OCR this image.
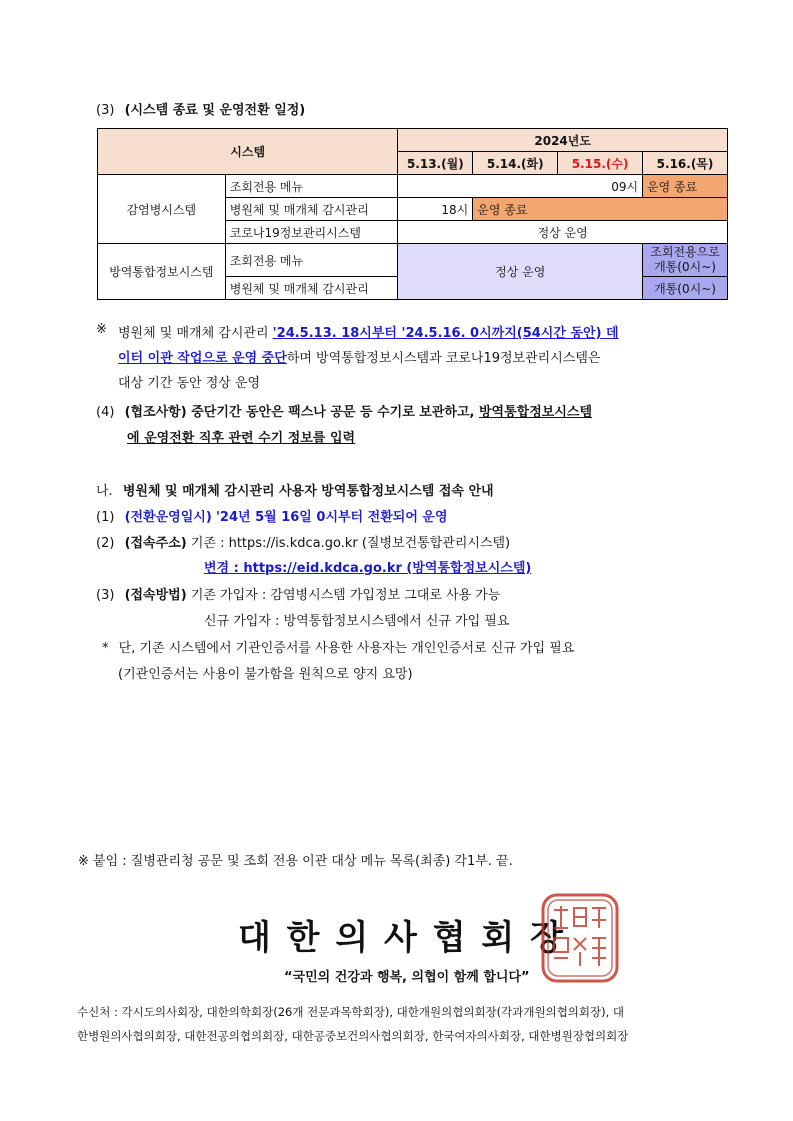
(3) (시스템 종료 및 운영전환 일정)
시스템		2024년도			
		5.13.(월)	5.14.(화)	5.15.(수)	5.16.(목)
감염병시스템	조회전용 메뉴	09시			운영 종료
	병원체 및 매개체 감시관리	18시	운영 종료		
	코로나19정보관리시스템	정상 운영			
방역통합정보시스템	조회전용 메뉴	정상 운영			조회전용으로 개통(0시~)
	병원체 및 매개체 감시관리				개통(0시~)
※ 병원체 및 매개체 감시관리 '24.5.13. 18시부터 '24.5.16. 0시까지(54시간 동안) 데
이터 이관 작업으로 운영 중단하며 방역통합정보시스템과 코로나19정보관리시스템은
대상 기간 동안 정상 운영
(4) (협조사항) 중단기간 동안은 팩스나 공문 등 수기로 보관하고, 방역통합정보시스템
에 운영전환 직후 관련 수기 정보를 입력
나. 병원체 및 매개체 감시관리 사용자 방역통합정보시스템 접속 안내
(1) (전환운영일시) '24년 5월 16일 0시부터 전환되어 운영
(2) (접속주소) 기존 : https://is.kdca.go.kr (질병보건통합관리시스템)
변경 : https://eid.kdca.go.kr (방역통합정보시스템)
(3) (접속방법) 기존 가입자 : 감염병시스템 가입정보 그대로 사용 가능
신규 가입자 : 방역통합정보시스템에서 신규 가입 필요
* 단, 기존 시스템에서 기관인증서를 사용한 사용자는 개인인증서로 신규 가입 필요
(기관인증서는 사용이 불가함을 원칙으로 양지 요망)
※ 붙임 : 질병관리청 공문 및 조회 전용 이관 대상 메뉴 목록(최종) 각1부. 끝.
대 한 의 사 협 회 장
“국민의 건강과 행복, 의협이 함께 합니다”
수신처 : 각시도의사회장, 대한의학회장(26개 전문과목학회장), 대한개원의협의회장(각과개원의협의회장), 대
한병원의사협의회장, 대한전공의협의회장, 대한공중보건의사협의회장, 한국여자의사회장, 대한병원장협의회장
